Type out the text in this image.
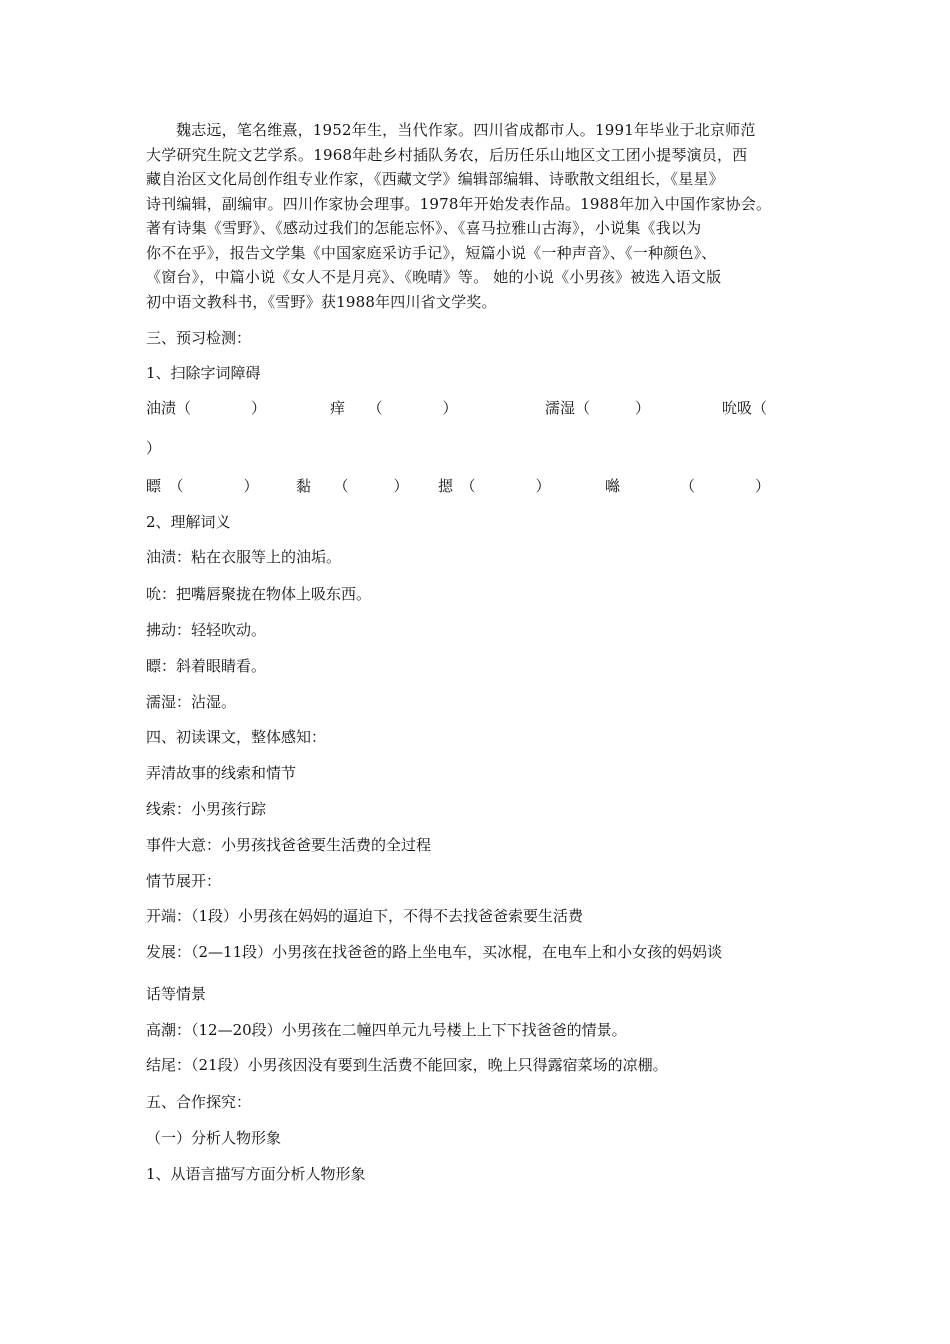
魏志远，笔名维熹，1952年生，当代作家。四川省成都市人。1991年毕业于北京师范
大学研究生院文艺学系。1968年赴乡村插队务农，后历任乐山地区文工团小提琴演员，西
藏自治区文化局创作组专业作家，《西藏文学》编辑部编辑、诗歌散文组组长，《星星》
诗刊编辑，副编审。四川作家协会理事。1978年开始发表作品。1988年加入中国作家协会。
著有诗集《雪野》、《感动过我们的怎能忘怀》、《喜马拉雅山古海》，小说集《我以为
你不在乎》，报告文学集《中国家庭采访手记》，短篇小说《一种声音》、《一种颜色》、
《窗台》，中篇小说《女人不是月亮》、《晚晴》等。 她的小说《小男孩》被选入语文版
初中语文教科书，《雪野》获1988年四川省文学奖。
三、预习检测：
1、扫除字词障碍
油渍（　　　　）	痒　　（　　　　）	濡湿（　　　）	吮吸（
）
瞟　（　　　　） 黏　　（　　　） 摁　（　　　　）	噝	（　　　　）
2、理解词义
油渍：粘在衣服等上的油垢。
吮：把嘴唇聚拢在物体上吸东西。
拂动：轻轻吹动。
瞟：斜着眼睛看。
濡湿：沾湿。
四、初读课文，整体感知：
弄清故事的线索和情节
线索：小男孩行踪
事件大意：小男孩找爸爸要生活费的全过程
情节展开：
开端：（1段）小男孩在妈妈的逼迫下，不得不去找爸爸索要生活费
发展：（2—11段）小男孩在找爸爸的路上坐电车，买冰棍，在电车上和小女孩的妈妈谈
话等情景
高潮：（12—20段）小男孩在二幢四单元九号楼上上下下找爸爸的情景。
结尾：（21段）小男孩因没有要到生活费不能回家，晚上只得露宿菜场的凉棚。
五、合作探究：
（一）分析人物形象
1、从语言描写方面分析人物形象
